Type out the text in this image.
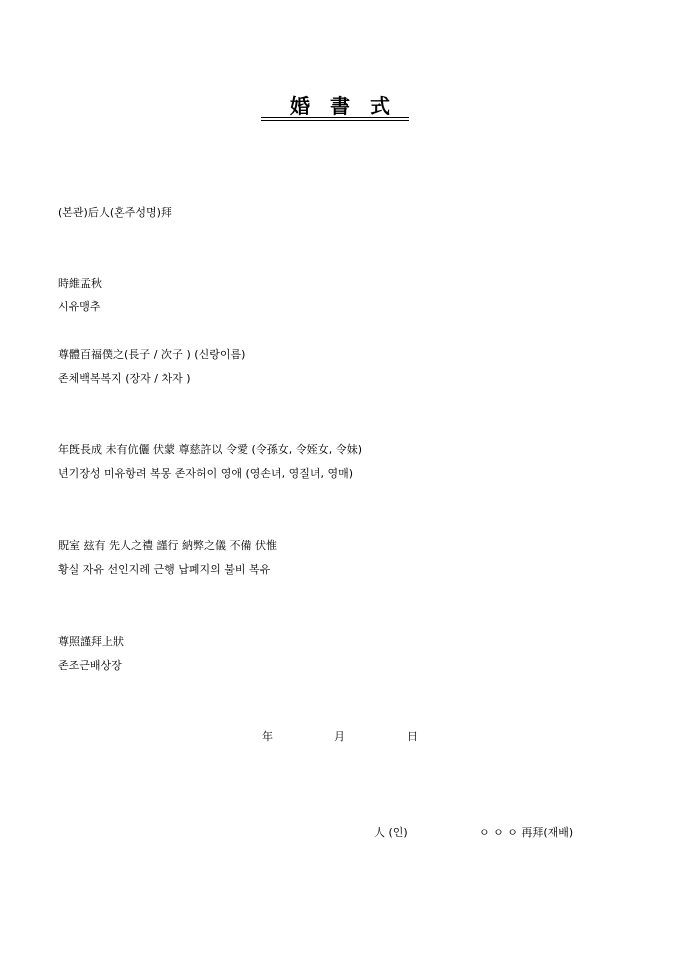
婚書式
(본관)后人(혼주성명)拜
時維孟秋
시유맹추
尊體百福僕之(長子 / 次子 ) (신랑이름)
존체백복복지 (장자 / 차자 )
年旣長成 未有伉儷 伏蒙 尊慈許以 令愛 (令孫女, 令姪女, 令妹)
년기장성 미유항려 복몽 존자허이 영애 (영손녀, 영질녀, 영매)
貺室 玆有 先人之禮 謹行 納弊之儀 不備 伏惟
황실 자유 선인지례 근행 납폐지의 불비 복유
尊照謹拜上狀
존조근배상장
年	月	日
人 (인)	ㅇ ㅇ ㅇ 再拜(재배)
